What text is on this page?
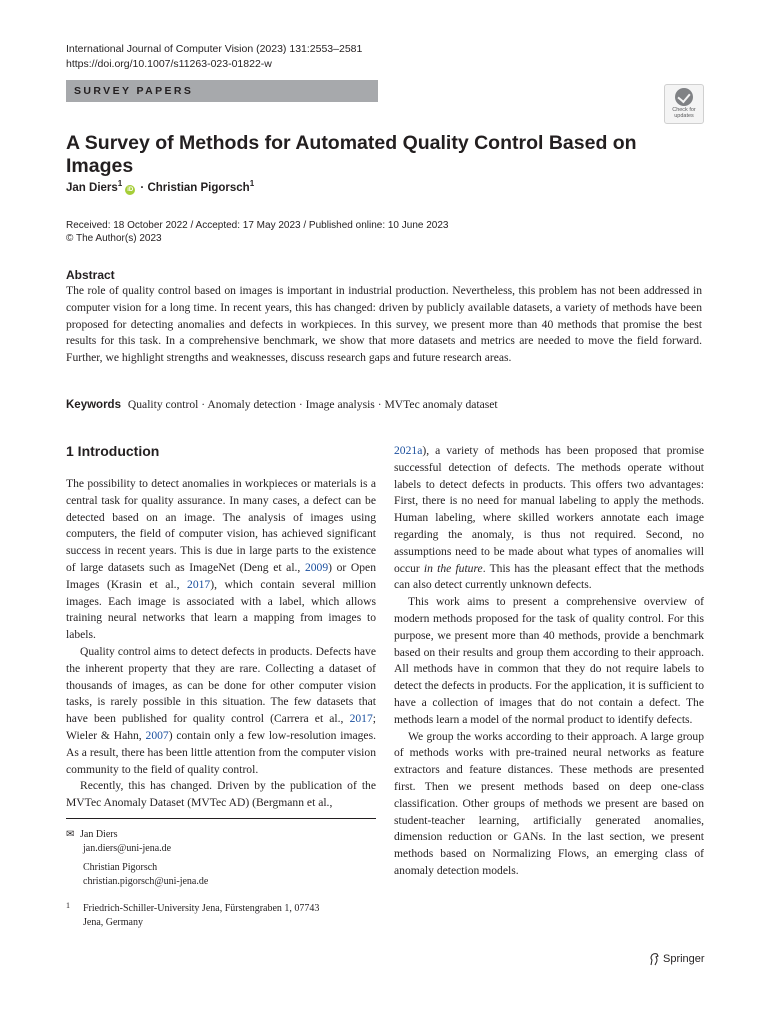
International Journal of Computer Vision (2023) 131:2553–2581
https://doi.org/10.1007/s11263-023-01822-w
SURVEY PAPERS
Check for
updates
A Survey of Methods for Automated Quality Control Based on Images
Jan Diers$^1$iD · Christian Pigorsch$^1$
Received: 18 October 2022 / Accepted: 17 May 2023 / Published online: 10 June 2023
© The Author(s) 2023
Abstract

The role of quality control based on images is important in industrial production. Nevertheless, this problem has not been addressed in computer vision for a long time. In recent years, this has changed: driven by publicly available datasets, a variety of methods have been proposed for detecting anomalies and defects in workpieces. In this survey, we present more than 40 methods that promise the best results for this task. In a comprehensive benchmark, we show that more datasets and metrics are needed to move the field forward. Further, we highlight strengths and weaknesses, discuss research gaps and future research areas.

Keywords Quality control · Anomaly detection · Image analysis · MVTec anomaly dataset
1 Introduction

The possibility to detect anomalies in workpieces or materials is a central task for quality assurance. In many cases, a defect can be detected based on an image. The analysis of images using computers, the field of computer vision, has achieved significant success in recent years. This is due in large parts to the existence of large datasets such as ImageNet (Deng et al., 2009) or Open Images (Krasin et al., 2017), which contain several million images. Each image is associated with a label, which allows training neural networks that learn a mapping from images to labels.

Quality control aims to detect defects in products. Defects have the inherent property that they are rare. Collecting a dataset of thousands of images, as can be done for other computer vision tasks, is rarely possible in this situation. The few datasets that have been published for quality control (Carrera et al., 2017; Wieler & Hahn, 2007) contain only a few low-resolution images. As a result, there has been little attention from the computer vision community to the field of quality control.

Recently, this has changed. Driven by the publication of the MVTec Anomaly Dataset (MVTec AD) (Bergmann et al.,

2021a), a variety of methods has been proposed that promise successful detection of defects. The methods operate without labels to detect defects in products. This offers two advantages: First, there is no need for manual labeling to apply the methods. Human labeling, where skilled workers annotate each image regarding the anomaly, is thus not required. Second, no assumptions need to be made about what types of anomalies will occur in the future. This has the pleasant effect that the methods can also detect currently unknown defects.

This work aims to present a comprehensive overview of modern methods proposed for the task of quality control. For this purpose, we present more than 40 methods, provide a benchmark based on their results and group them according to their approach. All methods have in common that they do not require labels to detect the defects in products. For the application, it is sufficient to have a collection of images that do not contain a defect. The methods learn a model of the normal product to identify defects.

We group the works according to their approach. A large group of methods works with pre-trained neural networks as feature extractors and feature distances. These methods are presented first. Then we present methods based on deep one-class classification. Other groups of methods we present are based on student-teacher learning, artificially generated anomalies, dimension reduction or GANs. In the last section, we present methods based on Normalizing Flows, an emerging class of anomaly detection models.

✉ Jan Diers
jan.diers@uni-jena.de
Christian Pigorsch
christian.pigorsch@uni-jena.de
1 Friedrich-Schiller-University Jena, Fürstengraben 1, 07743
Jena, Germany
Springer
